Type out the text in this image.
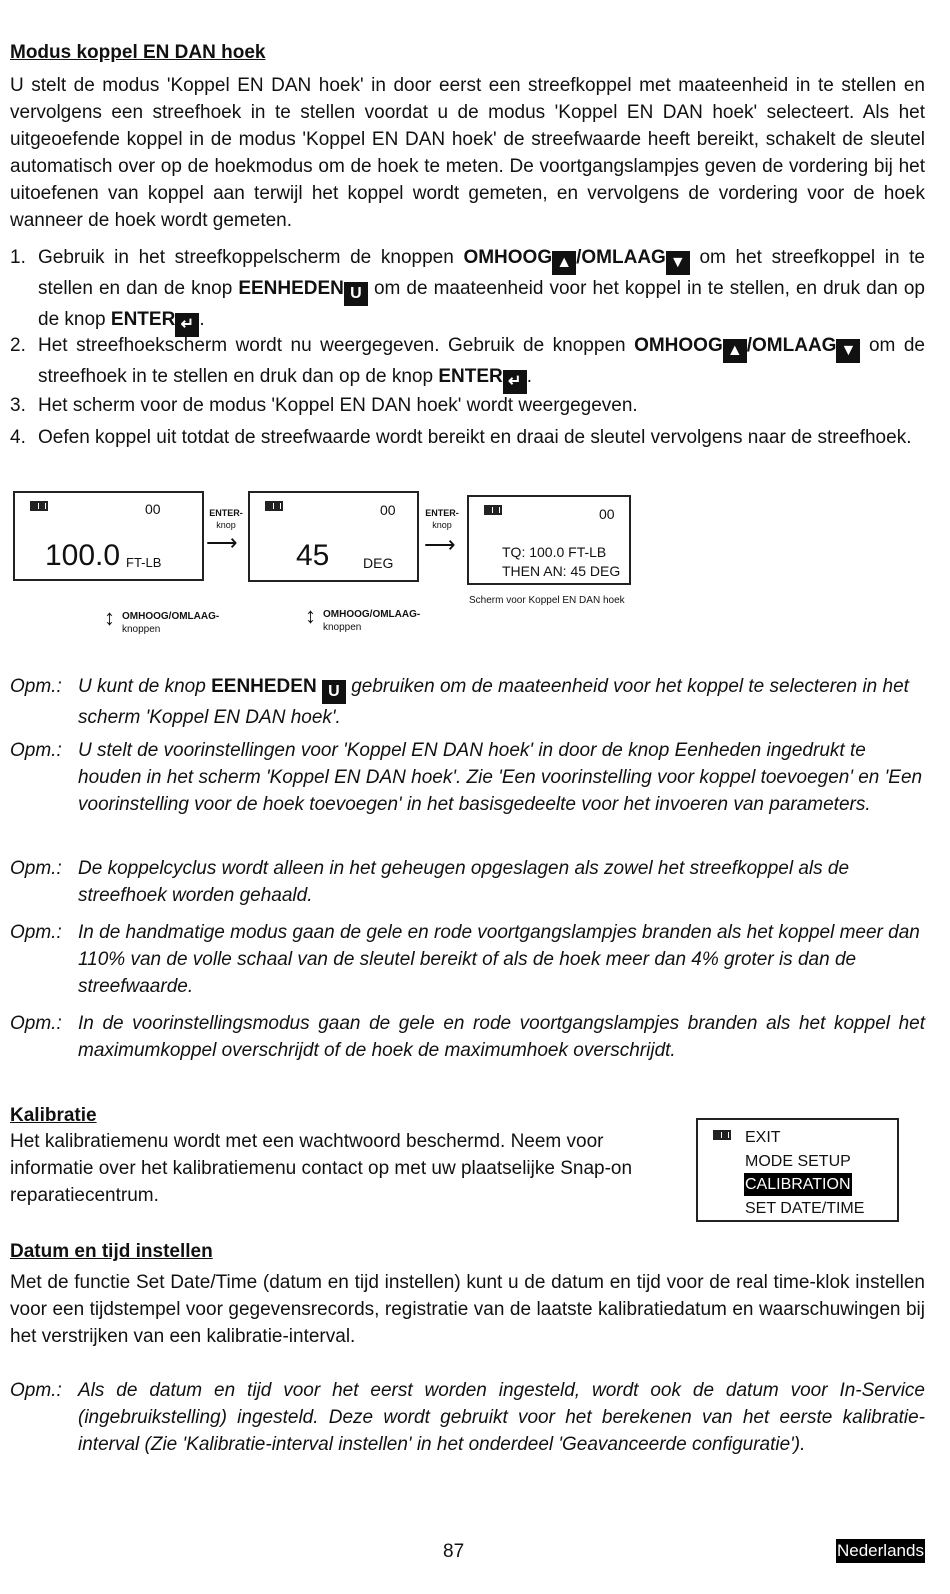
Modus koppel EN DAN hoek
U stelt de modus 'Koppel EN DAN hoek' in door eerst een streefkoppel met maateenheid in te stellen en vervolgens een streefhoek in te stellen voordat u de modus 'Koppel EN DAN hoek' selecteert. Als het uitgeoefende koppel in de modus 'Koppel EN DAN hoek' de streefwaarde heeft bereikt, schakelt de sleutel automatisch over op de hoekmodus om de hoek te meten. De voortgangslampjes geven de vordering bij het uitoefenen van koppel aan terwijl het koppel wordt gemeten, en vervolgens de vordering voor de hoek wanneer de hoek wordt gemeten.
1. Gebruik in het streefkoppelscherm de knoppen OMHOOG ▲ /OMLAAG ▼ om het streefkoppel in te stellen en dan de knop EENHEDEN U om de maateenheid voor het koppel in te stellen, en druk dan op de knop ENTER ↵ .
2. Het streefhoekscherm wordt nu weergegeven. Gebruik de knoppen OMHOOG ▲ /OMLAAG ▼ om de streefhoek in te stellen en druk dan op de knop ENTER ↵ .
3. Het scherm voor de modus 'Koppel EN DAN hoek' wordt weergegeven.
4. Oefen koppel uit totdat de streefwaarde wordt bereikt en draai de sleutel vervolgens naar de streefhoek.
00
100.0 FT-LB
ENTER-
knop
⟶
00
45 DEG
ENTER-
knop
⟶
00
TQ: 100.0 FT-LB
THEN AN: 45 DEG
Scherm voor Koppel EN DAN hoek
↕ OMHOOG/OMLAAG-
knoppen
↕ OMHOOG/OMLAAG-
knoppen
Opm.: U kunt de knop EENHEDEN U gebruiken om de maateenheid voor het koppel te selecteren in het scherm 'Koppel EN DAN hoek'.
Opm.: U stelt de voorinstellingen voor 'Koppel EN DAN hoek' in door de knop Eenheden ingedrukt te houden in het scherm 'Koppel EN DAN hoek'. Zie 'Een voorinstelling voor koppel toevoegen' en 'Een voorinstelling voor de hoek toevoegen' in het basisgedeelte voor het invoeren van parameters.
Opm.: De koppelcyclus wordt alleen in het geheugen opgeslagen als zowel het streefkoppel als de streefhoek worden gehaald.
Opm.: In de handmatige modus gaan de gele en rode voortgangslampjes branden als het koppel meer dan 110% van de volle schaal van de sleutel bereikt of als de hoek meer dan 4% groter is dan de streefwaarde.
Opm.: In de voorinstellingsmodus gaan de gele en rode voortgangslampjes branden als het koppel het maximumkoppel overschrijdt of de hoek de maximumhoek overschrijdt.
Kalibratie
Het kalibratiemenu wordt met een wachtwoord beschermd. Neem voor informatie over het kalibratiemenu contact op met uw plaatselijke Snap-on reparatiecentrum.
EXIT
MODE SETUP
CALIBRATION
SET DATE/TIME
Datum en tijd instellen
Met de functie Set Date/Time (datum en tijd instellen) kunt u de datum en tijd voor de real time-klok instellen voor een tijdstempel voor gegevensrecords, registratie van de laatste kalibratiedatum en waarschuwingen bij het verstrijken van een kalibratie-interval.
Opm.: Als de datum en tijd voor het eerst worden ingesteld, wordt ook de datum voor In-Service (ingebruikstelling) ingesteld. Deze wordt gebruikt voor het berekenen van het eerste kalibratie-interval (Zie 'Kalibratie-interval instellen' in het onderdeel 'Geavanceerde configuratie').
87	Nederlands
